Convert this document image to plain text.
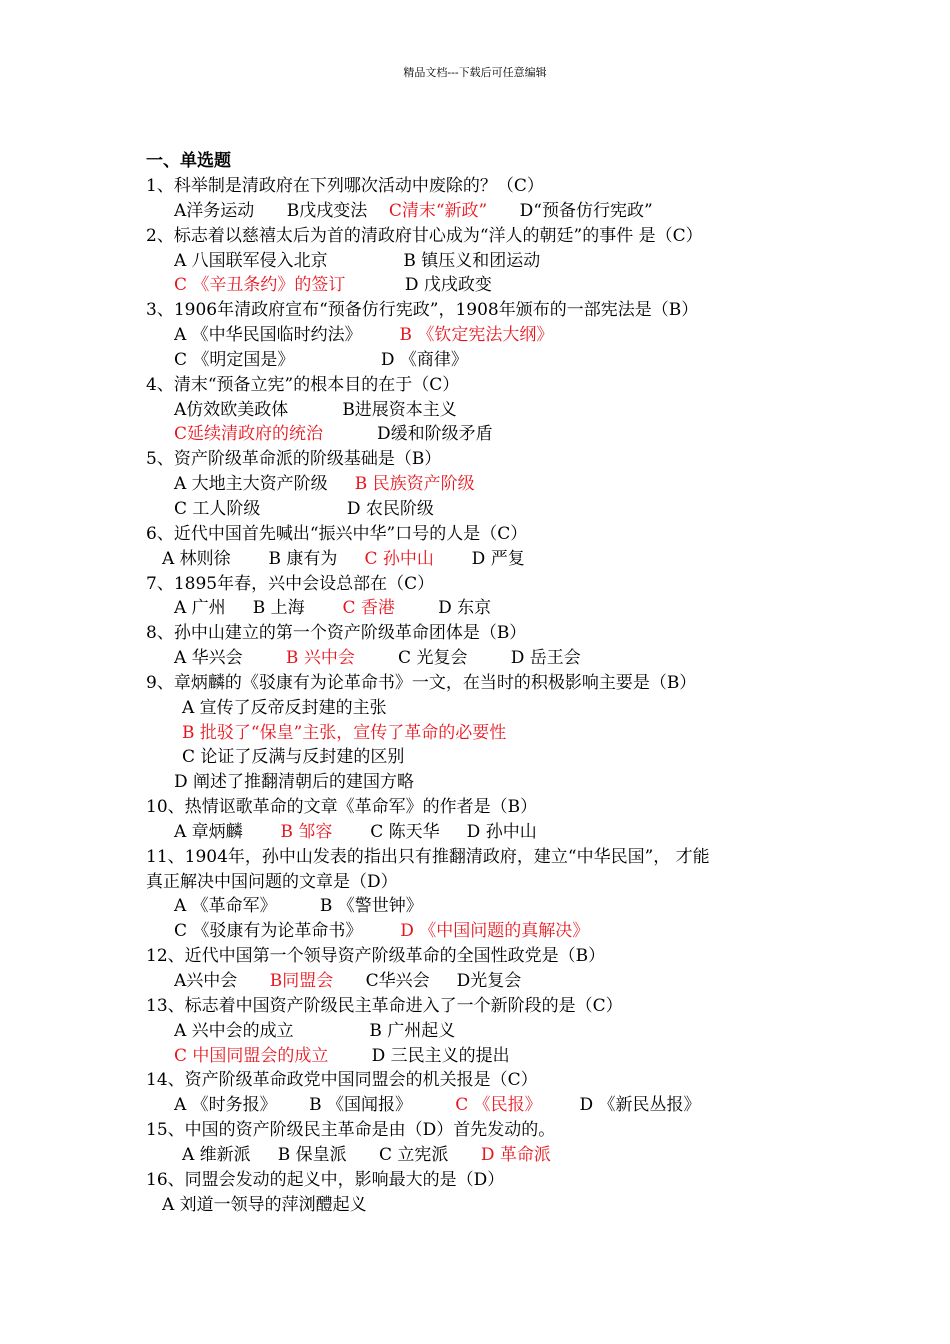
精品文档---下载后可任意编辑
一、单选题
1、科举制是清政府在下列哪次活动中废除的？（C）
A洋务运动      B戊戌变法    C清末“新政”      D“预备仿行宪政”
2、标志着以慈禧太后为首的清政府甘心成为“洋人的朝廷”的事件 是（C）
A 八国联军侵入北京              B 镇压义和团运动
C 《辛丑条约》的签订           D 戊戌政变
3、1906年清政府宣布“预备仿行宪政”，1908年颁布的一部宪法是（B）
A 《中华民国临时约法》       B 《钦定宪法大纲》
C 《明定国是》                D 《商律》
4、清末“预备立宪”的根本目的在于（C）
A仿效欧美政体          B进展资本主义
C延续清政府的统治          D缓和阶级矛盾
5、资产阶级革命派的阶级基础是（B）
A 大地主大资产阶级     B 民族资产阶级
C 工人阶级                D 农民阶级
6、近代中国首先喊出“振兴中华”口号的人是（C）
A 林则徐       B 康有为     C 孙中山       D 严复
7、1895年春，兴中会设总部在（C）
A 广州     B 上海       C 香港        D 东京
8、孙中山建立的第一个资产阶级革命团体是（B）
A 华兴会        B 兴中会        C 光复会        D 岳王会
9、章炳麟的《驳康有为论革命书》一文，在当时的积极影响主要是（B）
A 宣传了反帝反封建的主张
B 批驳了“保皇”主张，宣传了革命的必要性
C 论证了反满与反封建的区别
D 阐述了推翻清朝后的建国方略
10、热情讴歌革命的文章《革命军》的作者是（B）
A 章炳麟       B 邹容       C 陈天华     D 孙中山
11、1904年，孙中山发表的指出只有推翻清政府，建立“中华民国”， 才能
真正解决中国问题的文章是（D）
A 《革命军》        B 《警世钟》
C 《驳康有为论革命书》       D 《中国问题的真解决》
12、近代中国第一个领导资产阶级革命的全国性政党是（B）
A兴中会      B同盟会      C华兴会     D光复会
13、标志着中国资产阶级民主革命进入了一个新阶段的是（C）
A 兴中会的成立              B 广州起义
C 中国同盟会的成立        D 三民主义的提出
14、资产阶级革命政党中国同盟会的机关报是（C）
A 《时务报》      B 《国闻报》        C 《民报》       D 《新民丛报》
15、中国的资产阶级民主革命是由（D）首先发动的。
A 维新派     B 保皇派      C 立宪派      D 革命派
16、同盟会发动的起义中，影响最大的是（D）
A 刘道一领导的萍浏醴起义
